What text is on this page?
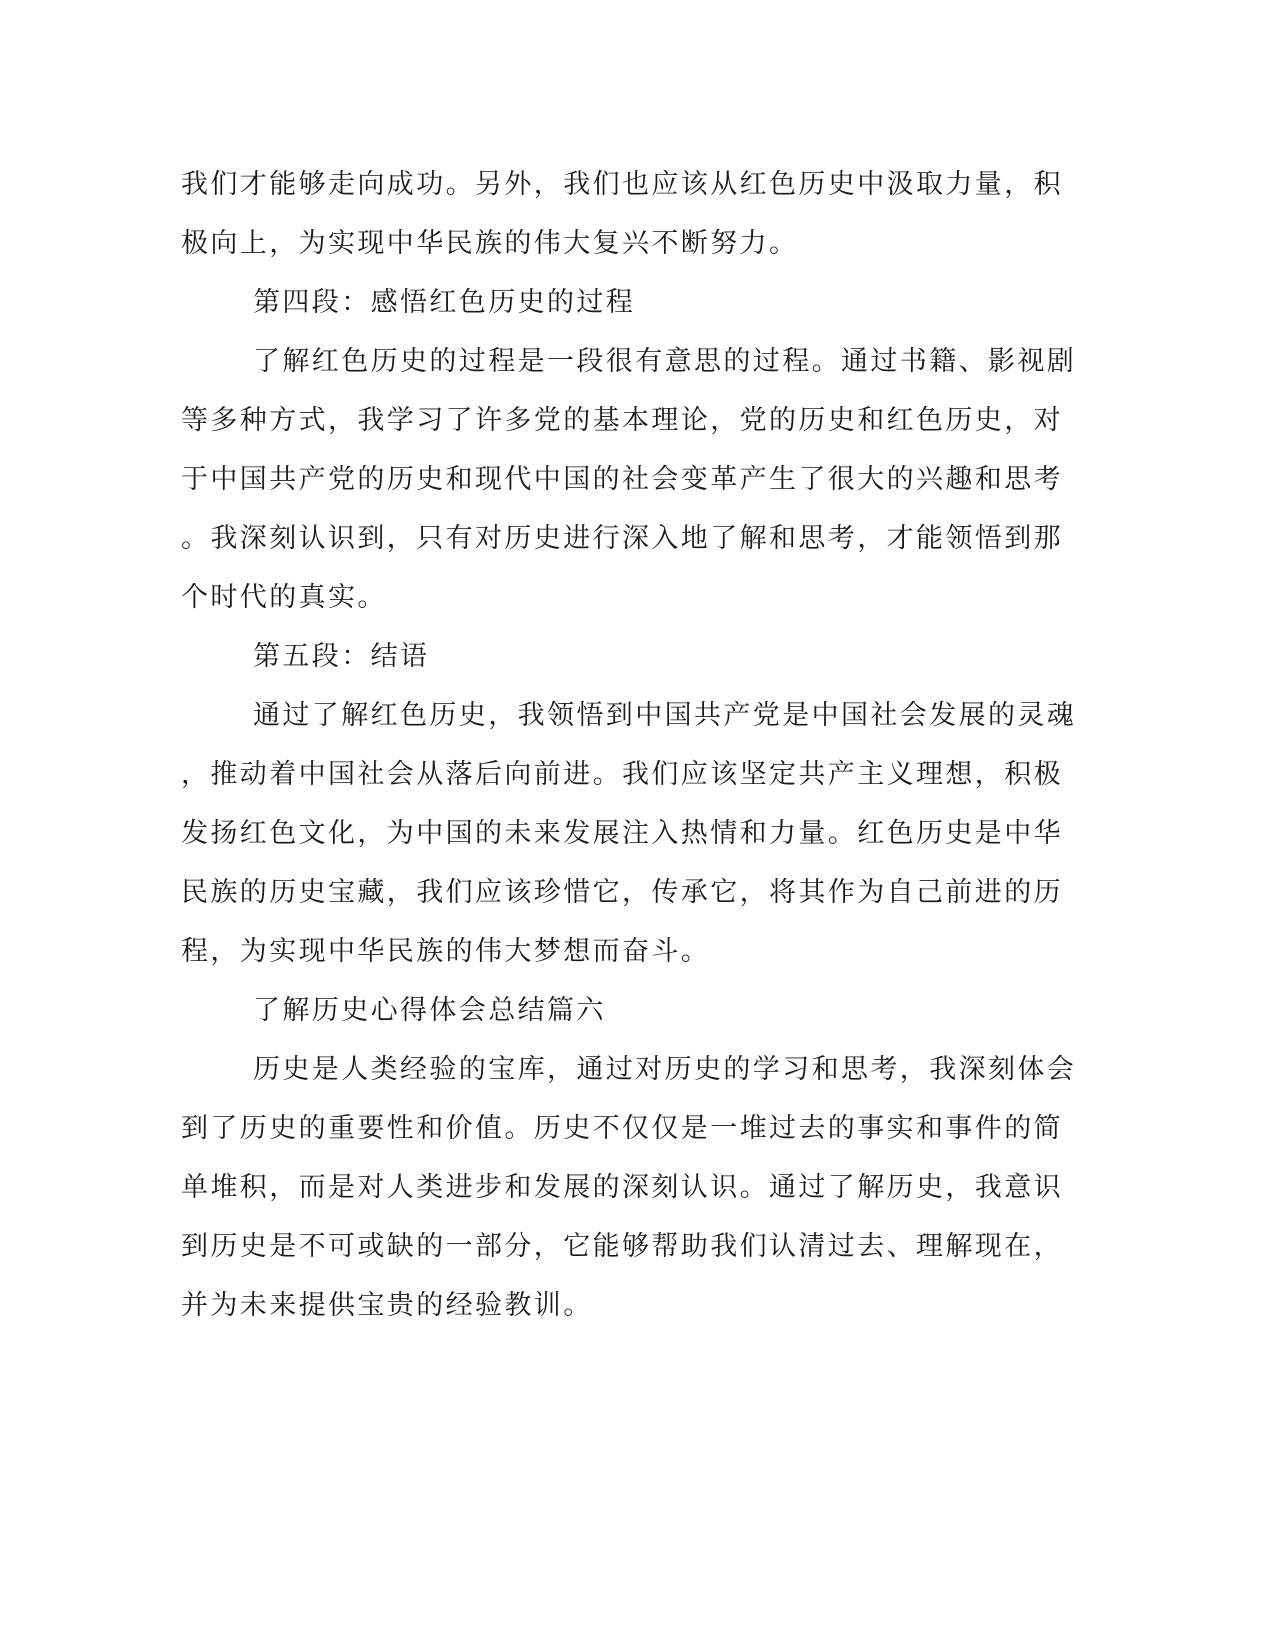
我们才能够走向成功。另外，我们也应该从红色历史中汲取力量，积
极向上，为实现中华民族的伟大复兴不断努力。
第四段：感悟红色历史的过程
了解红色历史的过程是一段很有意思的过程。通过书籍、影视剧
等多种方式，我学习了许多党的基本理论，党的历史和红色历史，对
于中国共产党的历史和现代中国的社会变革产生了很大的兴趣和思考
。我深刻认识到，只有对历史进行深入地了解和思考，才能领悟到那
个时代的真实。
第五段：结语
通过了解红色历史，我领悟到中国共产党是中国社会发展的灵魂
，推动着中国社会从落后向前进。我们应该坚定共产主义理想，积极
发扬红色文化，为中国的未来发展注入热情和力量。红色历史是中华
民族的历史宝藏，我们应该珍惜它，传承它，将其作为自己前进的历
程，为实现中华民族的伟大梦想而奋斗。
了解历史心得体会总结篇六
历史是人类经验的宝库，通过对历史的学习和思考，我深刻体会
到了历史的重要性和价值。历史不仅仅是一堆过去的事实和事件的简
单堆积，而是对人类进步和发展的深刻认识。通过了解历史，我意识
到历史是不可或缺的一部分，它能够帮助我们认清过去、理解现在，
并为未来提供宝贵的经验教训。
